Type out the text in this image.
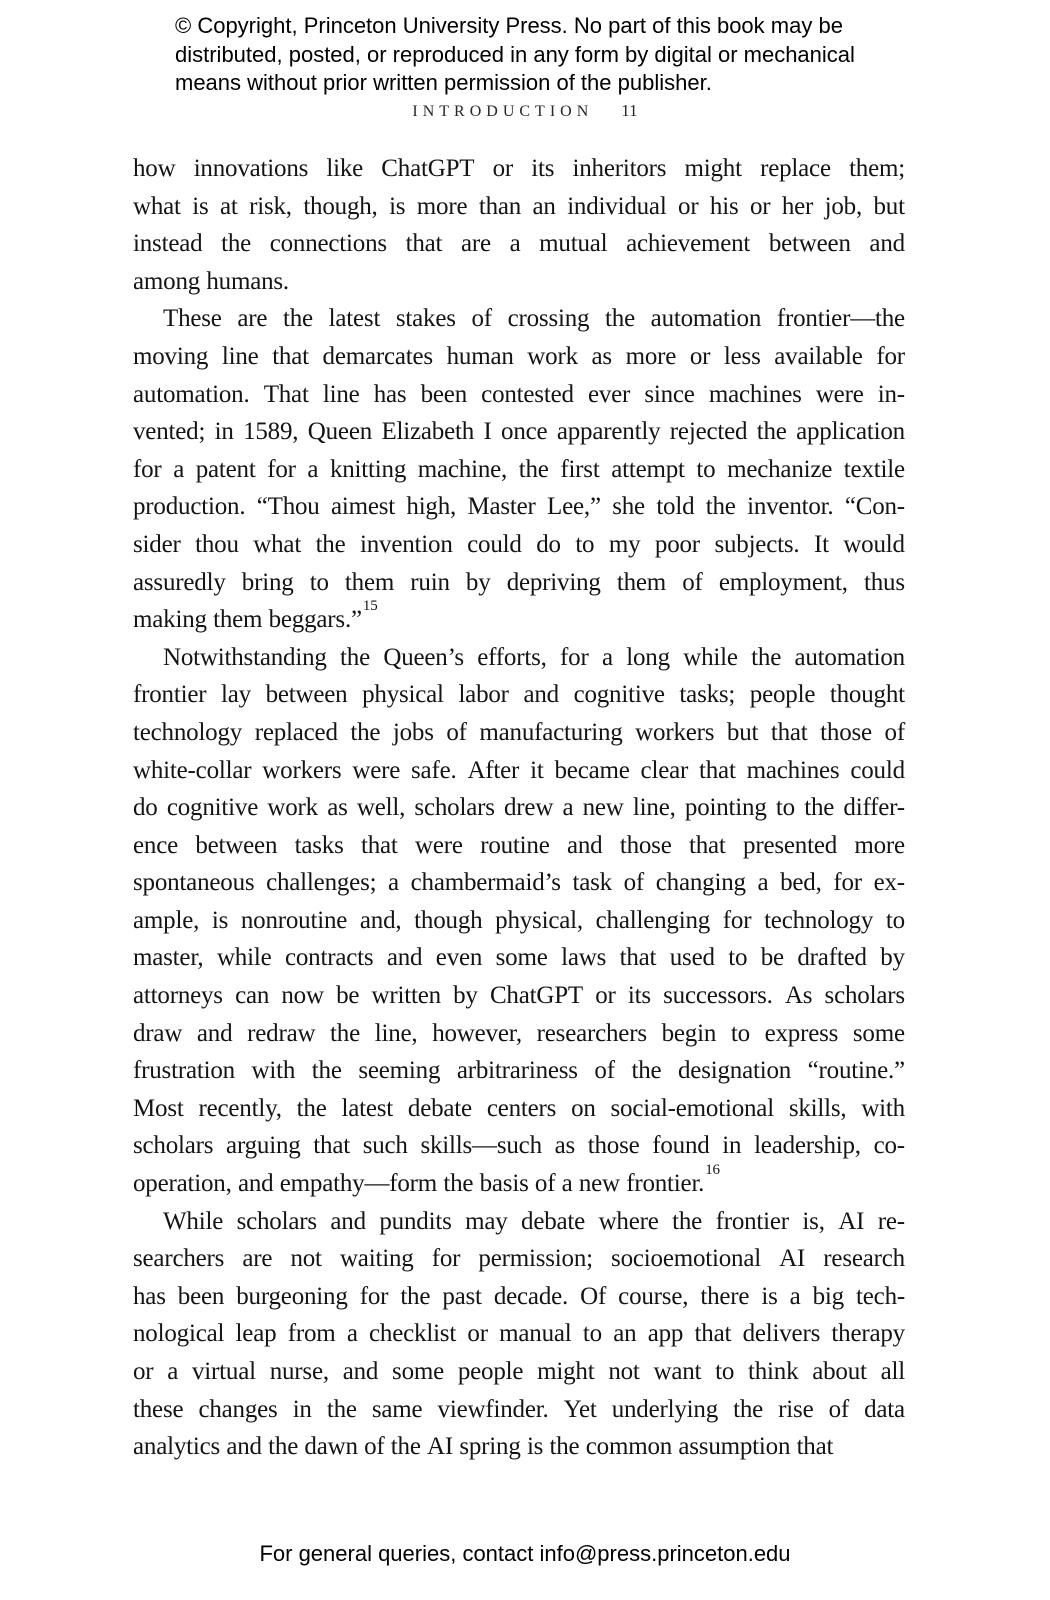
© Copyright, Princeton University Press. No part of this book may be
distributed, posted, or reproduced in any form by digital or mechanical
means without prior written permission of the publisher.
INTRODUCTION 11
how innovations like ChatGPT or its inheritors might replace them;
what is at risk, though, is more than an individual or his or her job, but
instead the connections that are a mutual achievement between and
among humans.
These are the latest stakes of crossing the automation frontier—the
moving line that demarcates human work as more or less available for
automation. That line has been contested ever since machines were in-
vented; in 1589, Queen Elizabeth I once apparently rejected the application
for a patent for a knitting machine, the first attempt to mechanize textile
production. “Thou aimest high, Master Lee,” she told the inventor. “Con-
sider thou what the invention could do to my poor subjects. It would
assuredly bring to them ruin by depriving them of employment, thus
making them beggars.”$^{15}$
Notwithstanding the Queen’s efforts, for a long while the automation
frontier lay between physical labor and cognitive tasks; people thought
technology replaced the jobs of manufacturing workers but that those of
white-collar workers were safe. After it became clear that machines could
do cognitive work as well, scholars drew a new line, pointing to the differ-
ence between tasks that were routine and those that presented more
spontaneous challenges; a chambermaid’s task of changing a bed, for ex-
ample, is nonroutine and, though physical, challenging for technology to
master, while contracts and even some laws that used to be drafted by
attorneys can now be written by ChatGPT or its successors. As scholars
draw and redraw the line, however, researchers begin to express some
frustration with the seeming arbitrariness of the designation “routine.”
Most recently, the latest debate centers on social-emotional skills, with
scholars arguing that such skills—such as those found in leadership, co-
operation, and empathy—form the basis of a new frontier.$^{16}$
While scholars and pundits may debate where the frontier is, AI re-
searchers are not waiting for permission; socioemotional AI research
has been burgeoning for the past decade. Of course, there is a big tech-
nological leap from a checklist or manual to an app that delivers therapy
or a virtual nurse, and some people might not want to think about all
these changes in the same viewfinder. Yet underlying the rise of data
analytics and the dawn of the AI spring is the common assumption that
For general queries, contact info@press.princeton.edu
